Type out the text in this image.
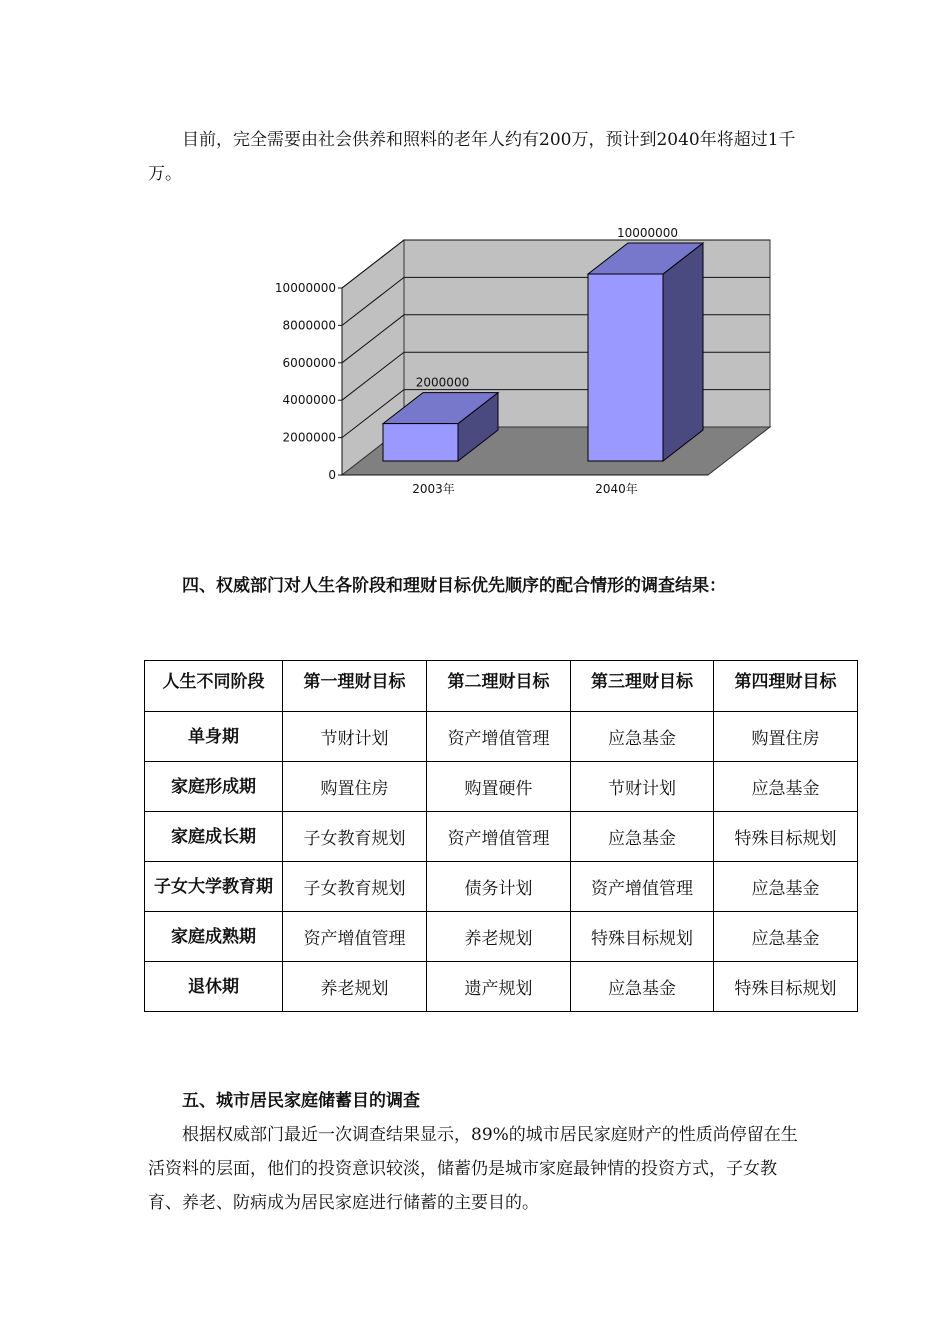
目前，完全需要由社会供养和照料的老年人约有200万，预计到2040年将超过1千万。

0
2000000
4000000
6000000
8000000
10000000
2000000
2003年
10000000
2040年

四、权威部门对人生各阶段和理财目标优先顺序的配合情形的调查结果：

人生不同阶段	第一理财目标	第二理财目标	第三理财目标	第四理财目标
单身期	节财计划	资产增值管理	应急基金	购置住房
家庭形成期	购置住房	购置硬件	节财计划	应急基金
家庭成长期	子女教育规划	资产增值管理	应急基金	特殊目标规划
子女大学教育期	子女教育规划	债务计划	资产增值管理	应急基金
家庭成熟期	资产增值管理	养老规划	特殊目标规划	应急基金
退休期	养老规划	遗产规划	应急基金	特殊目标规划

五、城市居民家庭储蓄目的调查

根据权威部门最近一次调查结果显示，89%的城市居民家庭财产的性质尚停留在生活资料的层面，他们的投资意识较淡，储蓄仍是城市家庭最钟情的投资方式，子女教育、养老、防病成为居民家庭进行储蓄的主要目的。
